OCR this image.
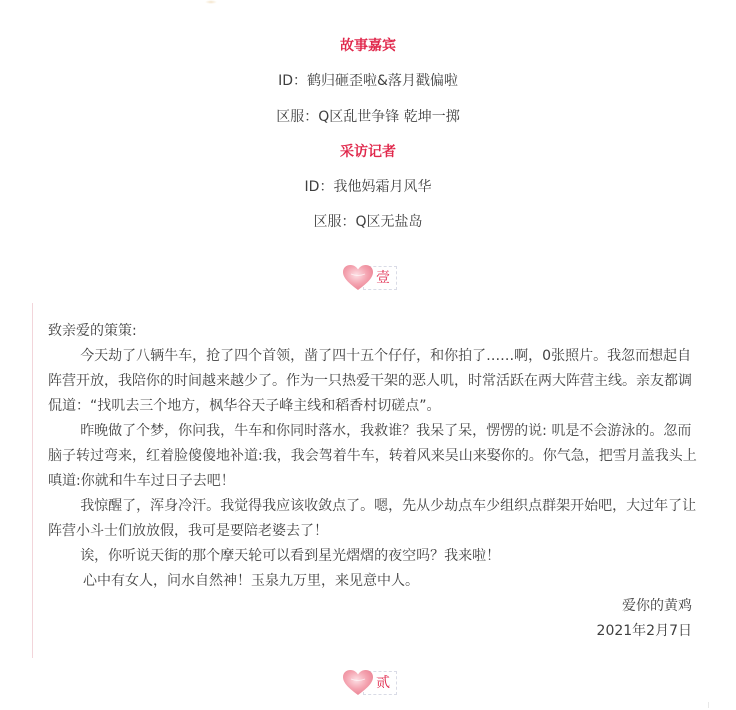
故事嘉宾
ID：鹤归砸歪啦&落月戳偏啦
区服：Q区乱世争锋 乾坤一掷
采访记者
ID：我他妈霜月风华
区服：Q区无盐岛
壹

致亲爱的策策:

今天劫了八辆牛车，抢了四个首领，凿了四十五个仔仔，和你拍了……啊，0张照片。我忽而想起自阵营开放，我陪你的时间越来越少了。作为一只热爱干架的恶人叽，时常活跃在两大阵营主线。亲友都调侃道：“找叽去三个地方，枫华谷天子峰主线和稻香村切磋点”。

昨晚做了个梦，你问我，牛车和你同时落水，我救谁？我呆了呆，愣愣的说: 叽是不会游泳的。忽而脑子转过弯来，红着脸傻傻地补道:我，我会驾着牛车，转着风来吴山来娶你的。你气急，把雪月盖我头上嗔道:你就和牛车过日子去吧！

我惊醒了，浑身冷汗。我觉得我应该收敛点了。嗯，先从少劫点车少组织点群架开始吧，大过年了让阵营小斗士们放放假，我可是要陪老婆去了！

诶，你听说天街的那个摩天轮可以看到星光熠熠的夜空吗？我来啦！

心中有女人，问水自然神！玉泉九万里，来见意中人。

爱你的黄鸡

2021年2月7日

贰
